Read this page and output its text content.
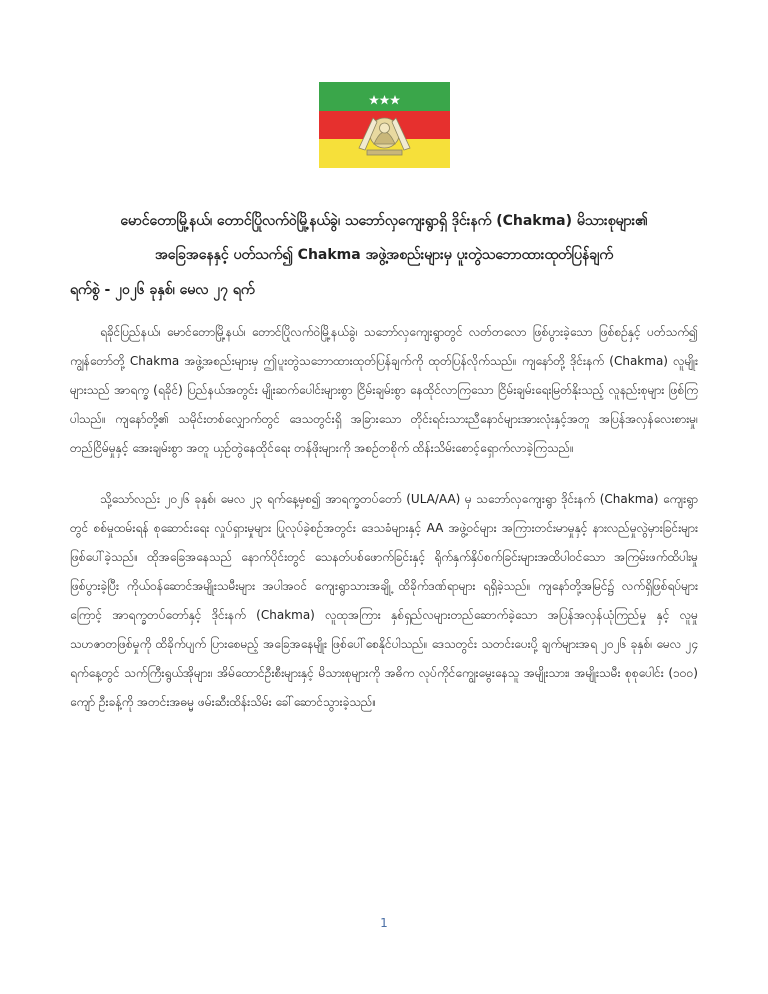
မောင်တောမြို့နယ်၊ တောင်ပြိုလက်ဝဲမြို့နယ်ခွဲ၊ သဘော်လှကျေးရွာရှိ ဒိုင်းနက် (Chakma) မိသားစုများ၏
အခြေအနေနှင့် ပတ်သက်၍ Chakma အဖွဲ့အစည်းများမှ ပူးတွဲသဘောထားထုတ်ပြန်ချက်
ရက်စွဲ - ၂၀၂၆ ခုနှစ်၊ မေလ ၂၇ ရက်

ရခိုင်ပြည်နယ်၊ မောင်တောမြို့နယ်၊ တောင်ပြိုလက်ဝဲမြို့နယ်ခွဲ၊ သဘော်လှကျေးရွာတွင် လတ်တလော ဖြစ်ပွားခဲ့သော ဖြစ်စဉ်နှင့် ပတ်သက်၍ ကျွန်တော်တို့ Chakma အဖွဲ့အစည်းများမှ ဤပူးတွဲသဘောထားထုတ်ပြန်ချက်ကို ထုတ်ပြန်လိုက်သည်။ ကျနော်တို့ ဒိုင်းနက် (Chakma) လူမျိုးများသည် အာရက္ခ (ရခိုင်) ပြည်နယ်အတွင်း မျိုးဆက်ပေါင်းများစွာ ငြိမ်းချမ်းစွာ နေထိုင်လာကြသော ငြိမ်းချမ်းရေးမြတ်နိုးသည့် လူနည်းစုများ ဖြစ်ကြပါသည်။ ကျနော်တို့၏ သမိုင်းတစ်လျှောက်တွင် ဒေသတွင်းရှိ အခြားသော တိုင်းရင်းသားညီနောင်များအားလုံးနှင့်အတူ အပြန်အလှန်လေးစားမှု၊ တည်ငြိမ်မှုနှင့် အေးချမ်းစွာ အတူ ယှဉ်တွဲနေထိုင်ရေး တန်ဖိုးများကို အစဉ်တစိုက် ထိန်းသိမ်းစောင့်ရှောက်လာခဲ့ကြသည်။

သို့သော်လည်း ၂၀၂၆ ခုနှစ်၊ မေလ ၂၃ ရက်နေ့မှစ၍ အာရက္ခတပ်တော် (ULA/AA) မှ သဘော်လှကျေးရွာ ဒိုင်းနက် (Chakma) ကျေးရွာတွင် စစ်မှုထမ်းရန် စုဆောင်းရေး လှုပ်ရှားမှုများ ပြုလုပ်ခဲ့စဉ်အတွင်း ဒေသခံများနှင့် AA အဖွဲ့ဝင်များ အကြားတင်းမာမှုနှင့် နားလည်မှုလွဲမှားခြင်းများ ဖြစ်ပေါ်ခဲ့သည်။ ထိုအခြေအနေသည် နောက်ပိုင်းတွင် သေနတ်ပစ်ဖောက်ခြင်းနှင့် ရိုက်နှက်နှိပ်စက်ခြင်းများအထိပါဝင်သော အကြမ်းဖက်ထိပါးမှု ဖြစ်ပွားခဲ့ပြီး ကိုယ်ဝန်ဆောင်အမျိုးသမီးများ အပါအဝင် ကျေးရွာသားအချို့ ထိခိုက်ဒဏ်ရာများ ရရှိခဲ့သည်။ ကျနော်တို့အမြင်၌ လက်ရှိဖြစ်ရပ်များကြောင့် အာရက္ခတပ်တော်နှင့် ဒိုင်းနက် (Chakma) လူထုအကြား နှစ်ရှည်လများတည်ဆောက်ခဲ့သော အပြန်အလှန်ယုံကြည်မှု နှင့် လူမှုသဟဇာတဖြစ်မှုကို ထိခိုက်ပျက် ပြားစေမည့် အခြေအနေမျိုး ဖြစ်ပေါ်စေနိုင်ပါသည်။ ဒေသတွင်း သတင်းပေးပို့ ချက်များအရ ၂၀၂၆ ခုနှစ်၊ မေလ ၂၄ ရက်နေ့တွင် သက်ကြီးရွယ်အိုများ၊ အိမ်ထောင်ဦးစီးများနှင့် မိသားစုများကို အဓိက လုပ်ကိုင်ကျွေးမွေးနေသူ အမျိုးသား၊ အမျိုးသမီး စုစုပေါင်း (၁၀၀) ကျော် ဦးခန့်ကို အတင်းအဓမ္မ ဖမ်းဆီးထိန်းသိမ်း ခေါ်ဆောင်သွားခဲ့သည်။

1
